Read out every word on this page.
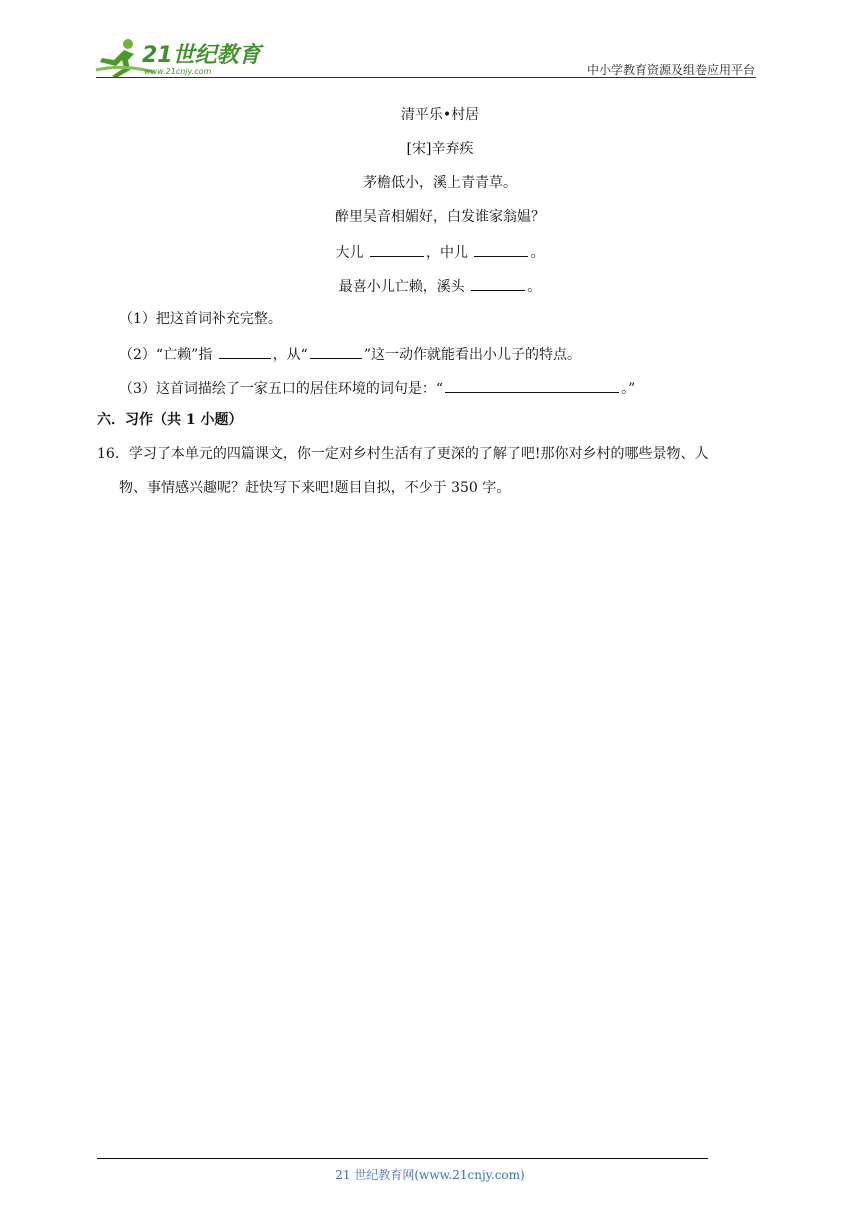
21世纪教育
www.21cnjy.com	中小学教育资源及组卷应用平台
清平乐•村居
[宋]辛弃疾
茅檐低小，溪上青青草。
醉里吴音相媚好，白发谁家翁媪？
大儿	，中儿	。
最喜小儿亡赖，溪头	。
（1）把这首词补充完整。
（2）“亡赖”指	，从“	”这一动作就能看出小儿子的特点。
（3）这首词描绘了一家五口的居住环境的词句是：“	。”
六．习作（共 1 小题）
16．学习了本单元的四篇课文，你一定对乡村生活有了更深的了解了吧!那你对乡村的哪些景物、人
物、事情感兴趣呢？赶快写下来吧!题目自拟，不少于 350 字。
21 世纪教育网(www.21cnjy.com)
